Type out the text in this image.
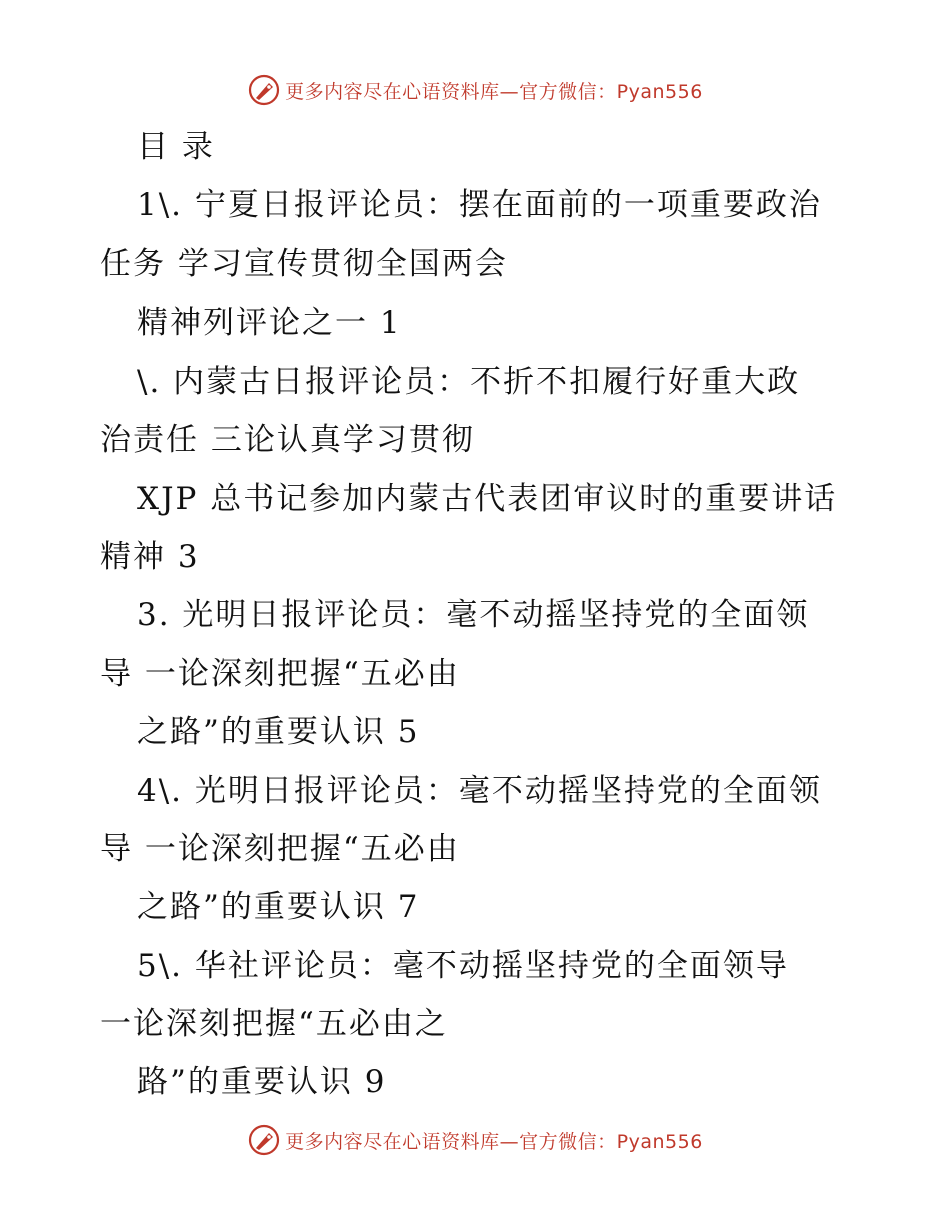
更多内容尽在心语资料库—官方微信：Pyan556

目 录

1\. 宁夏日报评论员：摆在面前的一项重要政治

任务 学习宣传贯彻全国两会

精神列评论之一 1

\. 内蒙古日报评论员：不折不扣履行好重大政

治责任 三论认真学习贯彻

XJP 总书记参加内蒙古代表团审议时的重要讲话

精神 3

3. 光明日报评论员：毫不动摇坚持党的全面领

导 一论深刻把握“五必由

之路”的重要认识 5

4\. 光明日报评论员：毫不动摇坚持党的全面领

导 一论深刻把握“五必由

之路”的重要认识 7

5\. 华社评论员：毫不动摇坚持党的全面领导

一论深刻把握“五必由之

路”的重要认识 9

更多内容尽在心语资料库—官方微信：Pyan556
